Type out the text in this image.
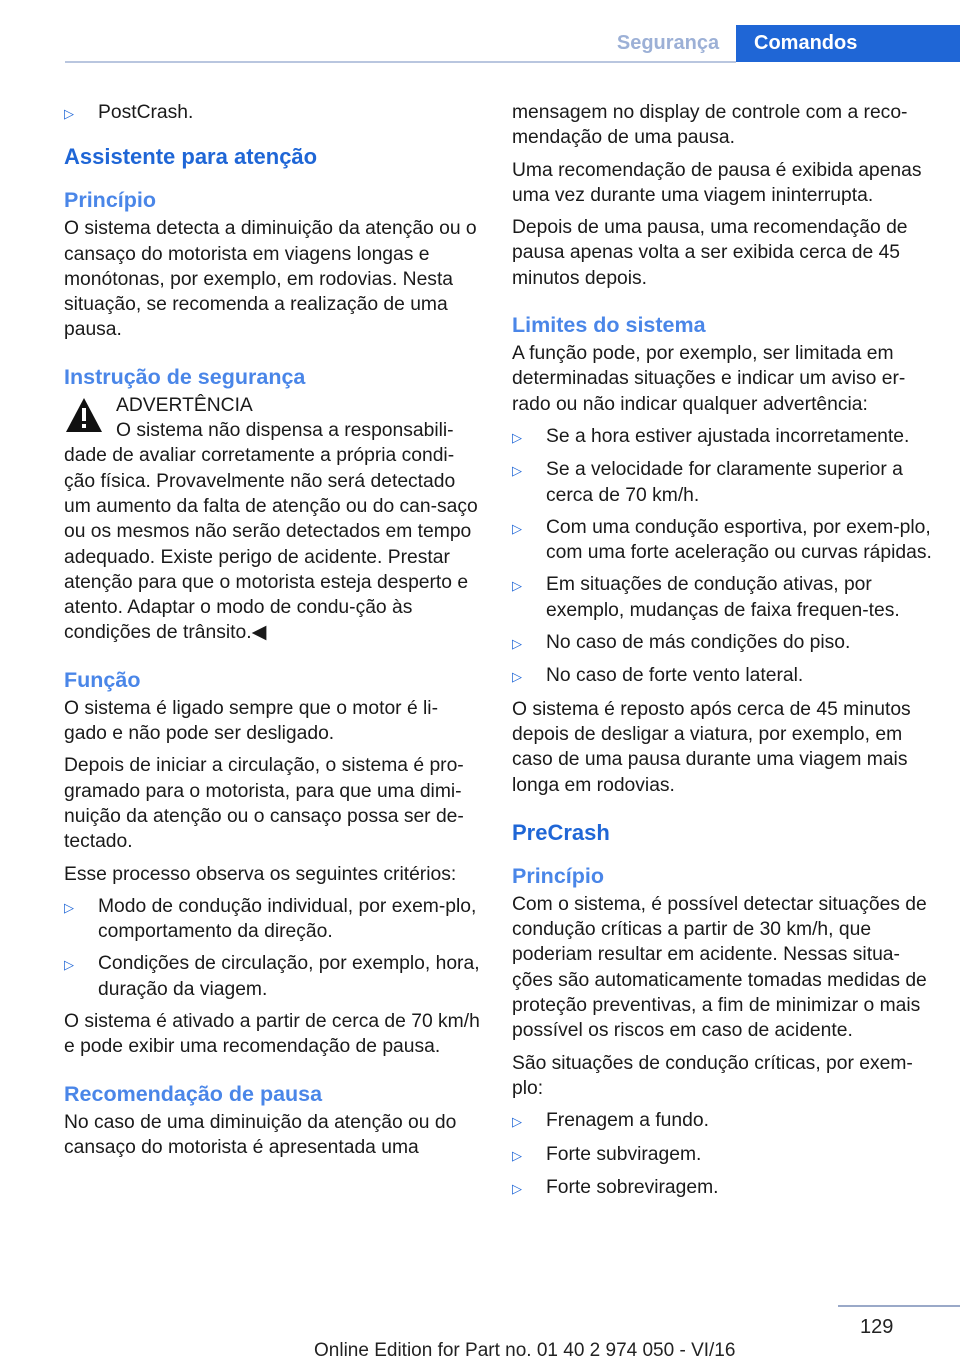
Segurança	Comandos
▷	PostCrash.
Assistente para atenção
Princípio

O sistema detecta a diminuição da atenção ou o cansaço do motorista em viagens longas e monótonas, por exemplo, em rodovias. Nesta situação, se recomenda a realização de uma pausa.

Instrução de segurança
ADVERTÊNCIA
O sistema não dispensa a responsabili‐
dade de avaliar corretamente a própria condi‐ção física. Provavelmente não será detectado um aumento da falta de atenção ou do can‐saço ou os mesmos não serão detectados em tempo adequado. Existe perigo de acidente. Prestar atenção para que o motorista esteja desperto e atento. Adaptar o modo de condu‐ção às condições de trânsito.◀
Função

O sistema é ligado sempre que o motor é li‐gado e não pode ser desligado.

Depois de iniciar a circulação, o sistema é pro‐gramado para o motorista, para que uma dimi‐nuição da atenção ou o cansaço possa ser de‐tectado.

Esse processo observa os seguintes critérios:

▷	Modo de condução individual, por exem‐plo, comportamento da direção.
▷	Condições de circulação, por exemplo, hora, duração da viagem.

O sistema é ativado a partir de cerca de 70 km/h e pode exibir uma recomendação de pausa.

Recomendação de pausa

No caso de uma diminuição da atenção ou do cansaço do motorista é apresentada uma

mensagem no display de controle com a reco‐mendação de uma pausa.

Uma recomendação de pausa é exibida apenas uma vez durante uma viagem ininterrupta.

Depois de uma pausa, uma recomendação de pausa apenas volta a ser exibida cerca de 45 minutos depois.

Limites do sistema

A função pode, por exemplo, ser limitada em determinadas situações e indicar um aviso er‐rado ou não indicar qualquer advertência:

▷	Se a hora estiver ajustada incorretamente.
▷	Se a velocidade for claramente superior a cerca de 70 km/h.
▷	Com uma condução esportiva, por exem‐plo, com uma forte aceleração ou curvas rápidas.
▷	Em situações de condução ativas, por exemplo, mudanças de faixa frequen‐tes.
▷	No caso de más condições do piso.
▷	No caso de forte vento lateral.

O sistema é reposto após cerca de 45 minutos depois de desligar a viatura, por exemplo, em caso de uma pausa durante uma viagem mais longa em rodovias.

PreCrash
Princípio

Com o sistema, é possível detectar situações de condução críticas a partir de 30 km/h, que poderiam resultar em acidente. Nessas situa‐ções são automaticamente tomadas medidas de proteção preventivas, a fim de minimizar o mais possível os riscos em caso de acidente.

São situações de condução críticas, por exem‐plo:

▷	Frenagem a fundo.
▷	Forte subviragem.
▷	Forte sobreviragem.
129
Online Edition for Part no. 01 40 2 974 050 - VI/16
